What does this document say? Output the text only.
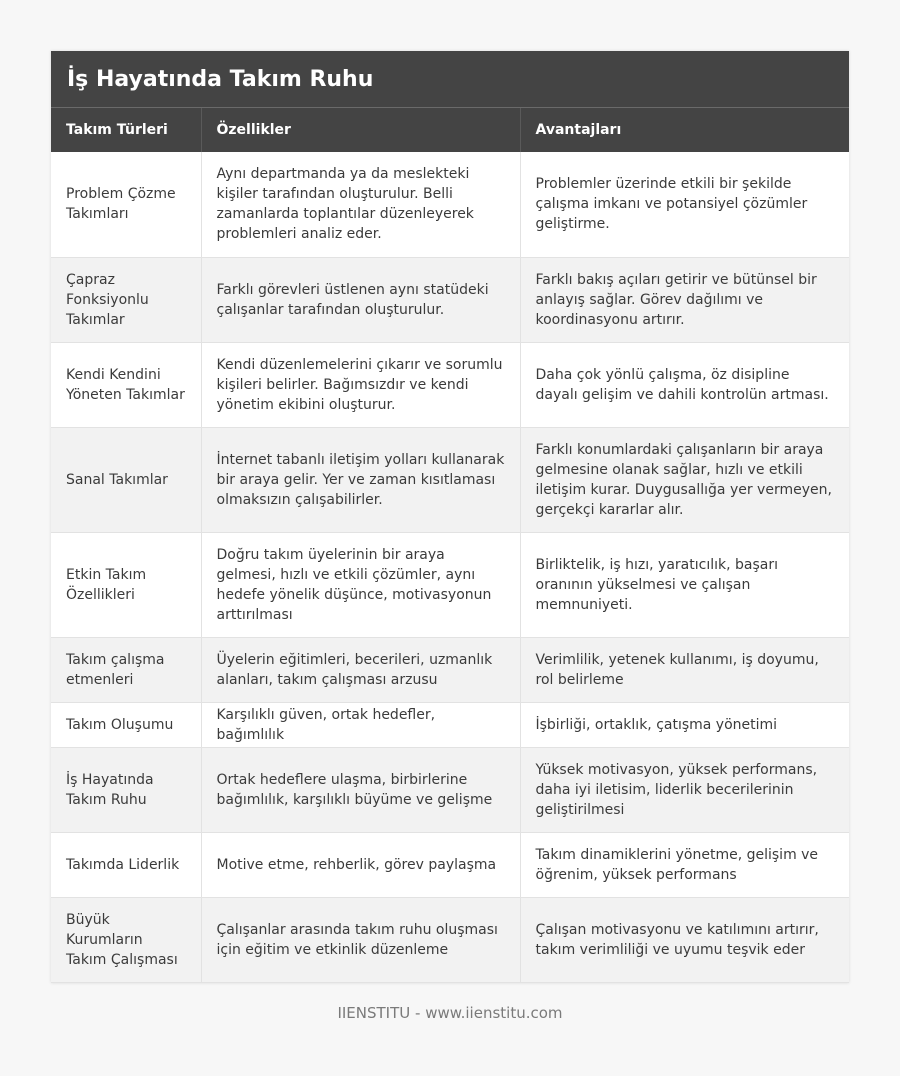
İş Hayatında Takım Ruhu
Takım Türleri	Özellikler	Avantajları
Problem Çözme Takımları	Aynı departmanda ya da meslekteki kişiler tarafından oluşturulur. Belli zamanlarda toplantılar düzenleyerek problemleri analiz eder.	Problemler üzerinde etkili bir şekilde çalışma imkanı ve potansiyel çözümler geliştirme.
Çapraz Fonksiyonlu Takımlar	Farklı görevleri üstlenen aynı statüdeki çalışanlar tarafından oluşturulur.	Farklı bakış açıları getirir ve bütünsel bir anlayış sağlar. Görev dağılımı ve koordinasyonu artırır.
Kendi Kendini Yöneten Takımlar	Kendi düzenlemelerini çıkarır ve sorumlu kişileri belirler. Bağımsızdır ve kendi yönetim ekibini oluşturur.	Daha çok yönlü çalışma, öz disipline dayalı gelişim ve dahili kontrolün artması.
Sanal Takımlar	İnternet tabanlı iletişim yolları kullanarak bir araya gelir. Yer ve zaman kısıtlaması olmaksızın çalışabilirler.	Farklı konumlardaki çalışanların bir araya gelmesine olanak sağlar, hızlı ve etkili iletişim kurar. Duygusallığa yer vermeyen, gerçekçi kararlar alır.
Etkin Takım Özellikleri	Doğru takım üyelerinin bir araya gelmesi, hızlı ve etkili çözümler, aynı hedefe yönelik düşünce, motivasyonun arttırılması	Birliktelik, iş hızı, yaratıcılık, başarı oranının yükselmesi ve çalışan memnuniyeti.
Takım çalışma etmenleri	Üyelerin eğitimleri, becerileri, uzmanlık alanları, takım çalışması arzusu	Verimlilik, yetenek kullanımı, iş doyumu, rol belirleme
Takım Oluşumu	Karşılıklı güven, ortak hedefler, bağımlılık	İşbirliği, ortaklık, çatışma yönetimi
İş Hayatında Takım Ruhu	Ortak hedeflere ulaşma, birbirlerine bağımlılık, karşılıklı büyüme ve gelişme	Yüksek motivasyon, yüksek performans, daha iyi iletisim, liderlik becerilerinin geliştirilmesi
Takımda Liderlik	Motive etme, rehberlik, görev paylaşma	Takım dinamiklerini yönetme, gelişim ve öğrenim, yüksek performans
Büyük Kurumların Takım Çalışması	Çalışanlar arasında takım ruhu oluşması için eğitim ve etkinlik düzenleme	Çalışan motivasyonu ve katılımını artırır, takım verimliliği ve uyumu teşvik eder
IIENSTITU - www.iienstitu.com
